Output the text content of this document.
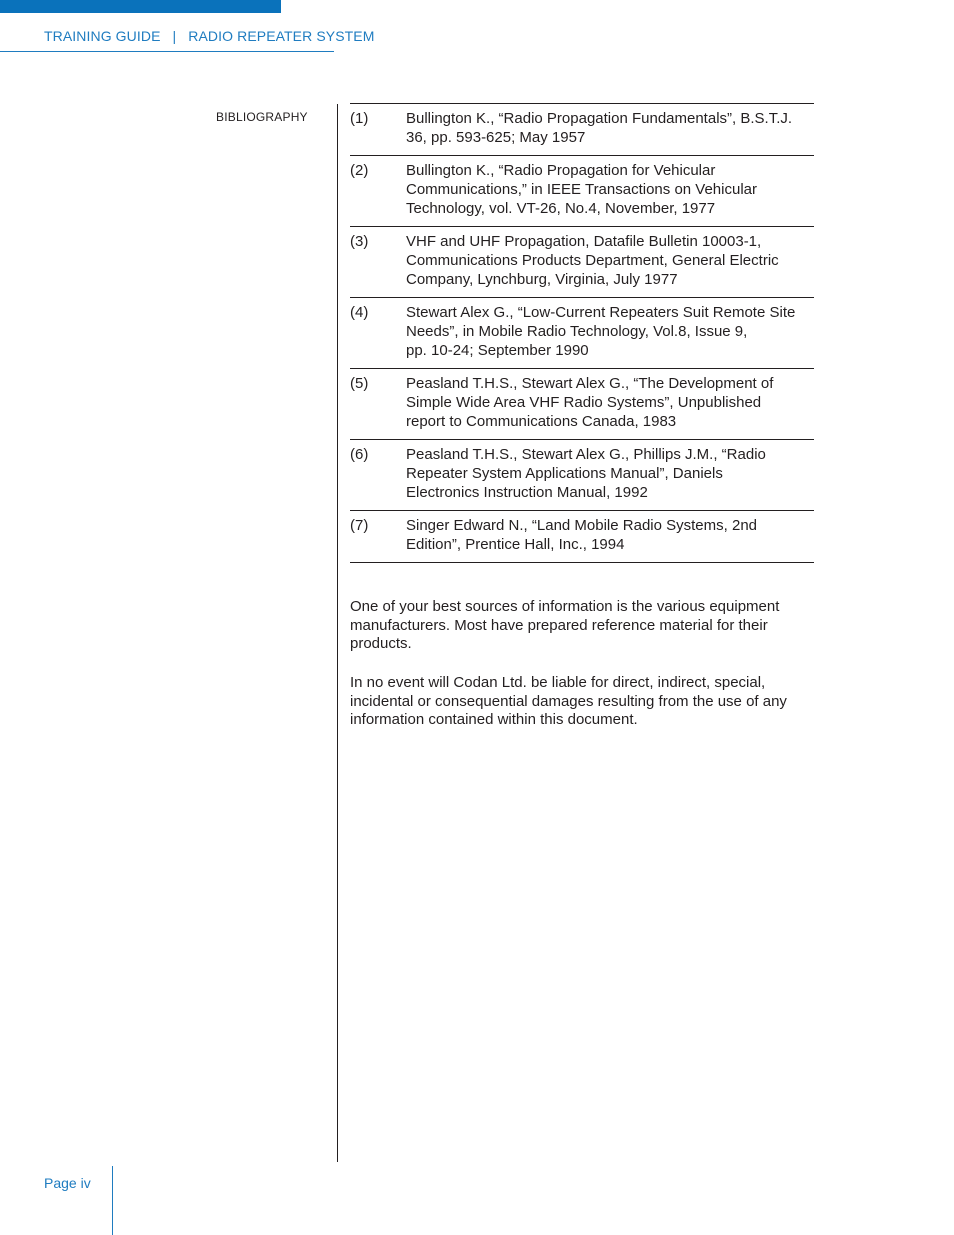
TRAINING GUIDE | RADIO REPEATER SYSTEM
BIBLIOGRAPHY	(1)	Bullington K., “Radio Propagation Fundamentals”, B.S.T.J.
36, pp. 593-625; May 1957
(2)	Bullington K., “Radio Propagation for Vehicular
Communications,” in IEEE Transactions on Vehicular
Technology, vol. VT-26, No.4, November, 1977
(3)	VHF and UHF Propagation, Datafile Bulletin 10003-1,
Communications Products Department, General Electric
Company, Lynchburg, Virginia, July 1977
(4)	Stewart Alex G., “Low-Current Repeaters Suit Remote Site
Needs”, in Mobile Radio Technology, Vol.8, Issue 9,
pp. 10-24; September 1990
(5)	Peasland T.H.S., Stewart Alex G., “The Development of
Simple Wide Area VHF Radio Systems”, Unpublished
report to Communications Canada, 1983
(6)	Peasland T.H.S., Stewart Alex G., Phillips J.M., “Radio
Repeater System Applications Manual”, Daniels
Electronics Instruction Manual, 1992
(7)	Singer Edward N., “Land Mobile Radio Systems, 2nd
Edition”, Prentice Hall, Inc., 1994
One of your best sources of information is the various equipment manufacturers. Most have prepared reference material for their products.
In no event will Codan Ltd. be liable for direct, indirect, special, incidental or consequential damages resulting from the use of any information contained within this document.
Page iv
